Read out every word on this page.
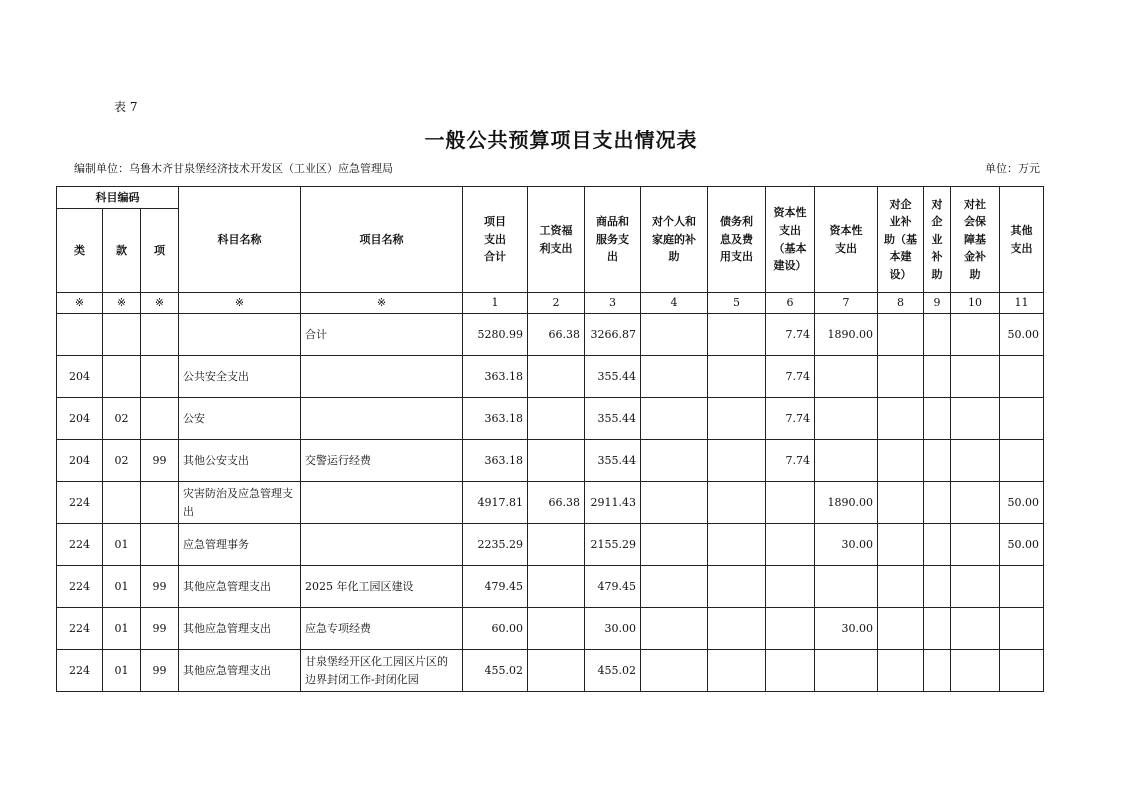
表 7
一般公共预算项目支出情况表
编制单位：乌鲁木齐甘泉堡经济技术开发区（工业区）应急管理局	单位：万元
科目编码			科目名称	项目名称	项目
支出
合计	工资福
利支出	商品和
服务支
出	对个人和
家庭的补
助	债务利
息及费
用支出	资本性
支出
（基本
建设）	资本性
支出	对企
业补
助（基
本建
设）	对
企
业
补
助	对社
会保
障基
金补
助	其他
支出
类	款	项													
※	※	※	※	※	1	2	3	4	5	6	7	8	9	10	11
				合计	5280.99	66.38	3266.87			7.74	1890.00				50.00
204			公共安全支出		363.18		355.44			7.74					
204	02		公安		363.18		355.44			7.74					
204	02	99	其他公安支出	交警运行经费	363.18		355.44			7.74					
224			灾害防治及应急管理支出		4917.81	66.38	2911.43				1890.00				50.00
224	01		应急管理事务		2235.29		2155.29				30.00				50.00
224	01	99	其他应急管理支出	2025 年化工园区建设	479.45		479.45								
224	01	99	其他应急管理支出	应急专项经费	60.00		30.00				30.00				
224	01	99	其他应急管理支出	甘泉堡经开区化工园区片区的边界封闭工作-封闭化园	455.02		455.02								
